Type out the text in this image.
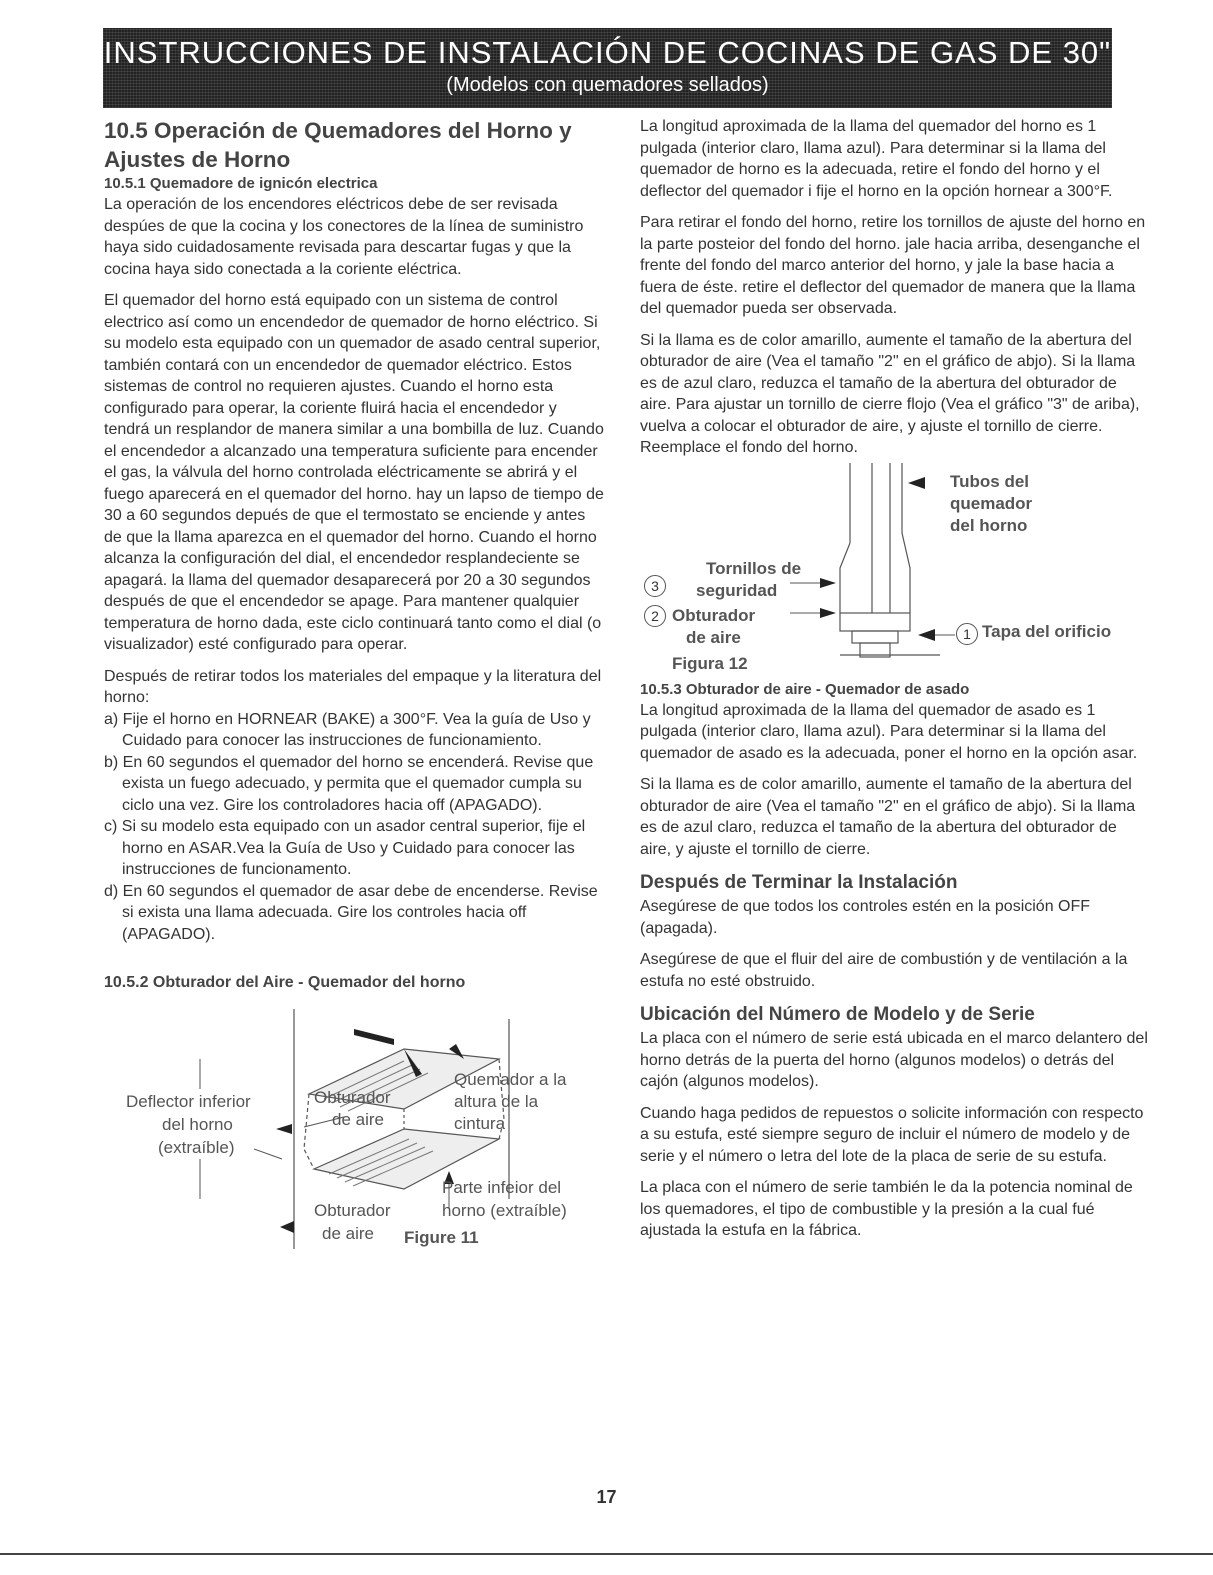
INSTRUCCIONES DE INSTALACIÓN DE COCINAS DE GAS DE 30"
(Modelos con quemadores sellados)
10.5 Operación de Quemadores del Horno y Ajustes de Horno
10.5.1 Quemadore de ignicón electrica

La operación de los encendores eléctricos debe de ser revisada despúes de que la cocina y los conectores de la línea de suministro haya sido cuidadosamente revisada para descartar fugas y que la cocina haya sido conectada a la coriente eléctrica.

El quemador del horno está equipado con un sistema de control electrico así como un encendedor de quemador de horno eléctrico. Si su modelo esta equipado con un quemador de asado central superior, también contará con un encendedor de quemador eléctrico. Estos sistemas de control no requieren ajustes. Cuando el horno esta configurado para operar, la coriente fluirá hacia el encendedor y tendrá un resplandor de manera similar a una bombilla de luz. Cuando el encendedor a alcanzado una temperatura suficiente para encender el gas, la válvula del horno controlada eléctricamente se abrirá y el fuego aparecerá en el quemador del horno. hay un lapso de tiempo de 30 a 60 segundos depués de que el termostato se enciende y antes de que la llama aparezca en el quemador del horno. Cuando el horno alcanza la configuración del dial, el encendedor resplandeciente se apagará. la llama del quemador desaparecerá por 20 a 30 segundos después de que el encendedor se apage. Para mantener qualquier temperatura de horno dada, este ciclo continuará tanto como el dial (o visualizador) esté configurado para operar.

Después de retirar todos los materiales del empaque y la literatura del horno:

a) Fije el horno en HORNEAR (BAKE) a 300°F. Vea la guía de Uso y Cuidado para conocer las instrucciones de funcionamiento.
b) En 60 segundos el quemador del horno se encenderá. Revise que exista un fuego adecuado, y permita que el quemador cumpla su ciclo una vez. Gire los controladores hacia off (APAGADO).
c) Si su modelo esta equipado con un asador central superior, fije el horno en ASAR.Vea la Guía de Uso y Cuidado para conocer las instrucciones de funcionamento.
d) En 60 segundos el quemador de asar debe de encenderse. Revise si exista una llama adecuada. Gire los controles hacia off (APAGADO).
10.5.2 Obturador del Aire - Quemador del horno
Deflector inferior
del horno
(extraíble)
Obturador
de aire
Quemador a la
altura de la
cintura
Parte infeior del
horno (extraíble)
Obturador
de aire Figure 11

La longitud aproximada de la llama del quemador del horno es 1 pulgada (interior claro, llama azul). Para determinar si la llama del quemador de horno es la adecuada, retire el fondo del horno y el deflector del quemador i fije el horno en la opción hornear a 300°F.

Para retirar el fondo del horno, retire los tornillos de ajuste del horno en la parte posteior del fondo del horno. jale hacia arriba, desenganche el frente del fondo del marco anterior del horno, y jale la base hacia a fuera de éste. retire el deflector del quemador de manera que la llama del quemador pueda ser observada.

Si la llama es de color amarillo, aumente el tamaño de la abertura del obturador de aire (Vea el tamaño "2" en el gráfico de abjo). Si la llama es de azul claro, reduzca el tamaño de la abertura del obturador de aire. Para ajustar un tornillo de cierre flojo (Vea el gráfico "3" de ariba), vuelva a colocar el obturador de aire, y ajuste el tornillo de cierre. Reemplace el fondo del horno.

Tubos del
quemador
del horno
3
Tornillos de
seguridad
2 Obturador
de aire	1 Tapa del orificio
Figura 12
10.5.3 Obturador de aire - Quemador de asado

La longitud aproximada de la llama del quemador de asado es 1 pulgada (interior claro, llama azul). Para determinar si la llama del quemador de asado es la adecuada, poner el horno en la opción asar.

Si la llama es de color amarillo, aumente el tamaño de la abertura del obturador de aire (Vea el tamaño "2" en el gráfico de abjo). Si la llama es de azul claro, reduzca el tamaño de la abertura del obturador de aire, y ajuste el tornillo de cierre.

Después de Terminar la Instalación

Asegúrese de que todos los controles estén en la posición OFF (apagada).

Asegúrese de que el fluir del aire de combustión y de ventilación a la estufa no esté obstruido.

Ubicación del Número de Modelo y de Serie

La placa con el número de serie está ubicada en el marco delantero del horno detrás de la puerta del horno (algunos modelos) o detrás del cajón (algunos modelos).

Cuando haga pedidos de repuestos o solicite información con respecto a su estufa, esté siempre seguro de incluir el número de modelo y de serie y el número o letra del lote de la placa de serie de su estufa.

La placa con el número de serie también le da la potencia nominal de los quemadores, el tipo de combustible y la presión a la cual fué ajustada la estufa en la fábrica.

17
